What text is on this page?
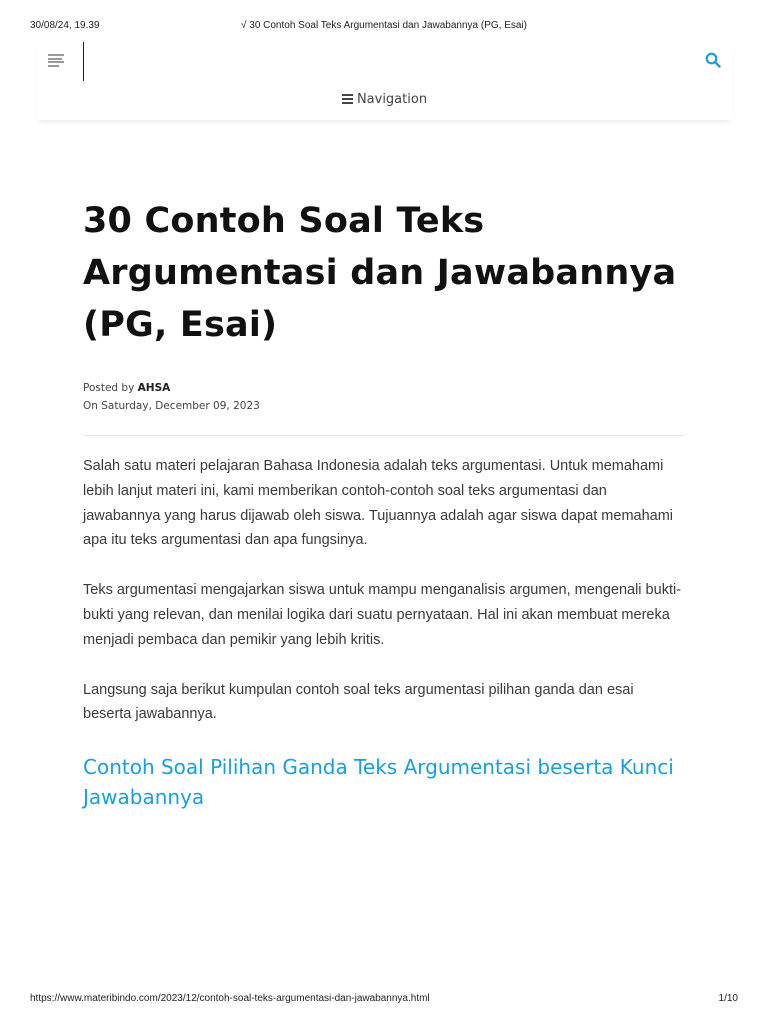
30/08/24, 19.39	√ 30 Contoh Soal Teks Argumentasi dan Jawabannya (PG, Esai)
Navigation
30 Contoh Soal Teks Argumentasi dan Jawabannya (PG, Esai)
Posted by AHSA
On Saturday, December 09, 2023

Salah satu materi pelajaran Bahasa Indonesia adalah teks argumentasi. Untuk memahami lebih lanjut materi ini, kami memberikan contoh-contoh soal teks argumentasi dan jawabannya yang harus dijawab oleh siswa. Tujuannya adalah agar siswa dapat memahami apa itu teks argumentasi dan apa fungsinya.

Teks argumentasi mengajarkan siswa untuk mampu menganalisis argumen, mengenali bukti-bukti yang relevan, dan menilai logika dari suatu pernyataan. Hal ini akan membuat mereka menjadi pembaca dan pemikir yang lebih kritis.

Langsung saja berikut kumpulan contoh soal teks argumentasi pilihan ganda dan esai beserta jawabannya.

Contoh Soal Pilihan Ganda Teks Argumentasi beserta Kunci Jawabannya
https://www.materibindo.com/2023/12/contoh-soal-teks-argumentasi-dan-jawabannya.html	1/10
